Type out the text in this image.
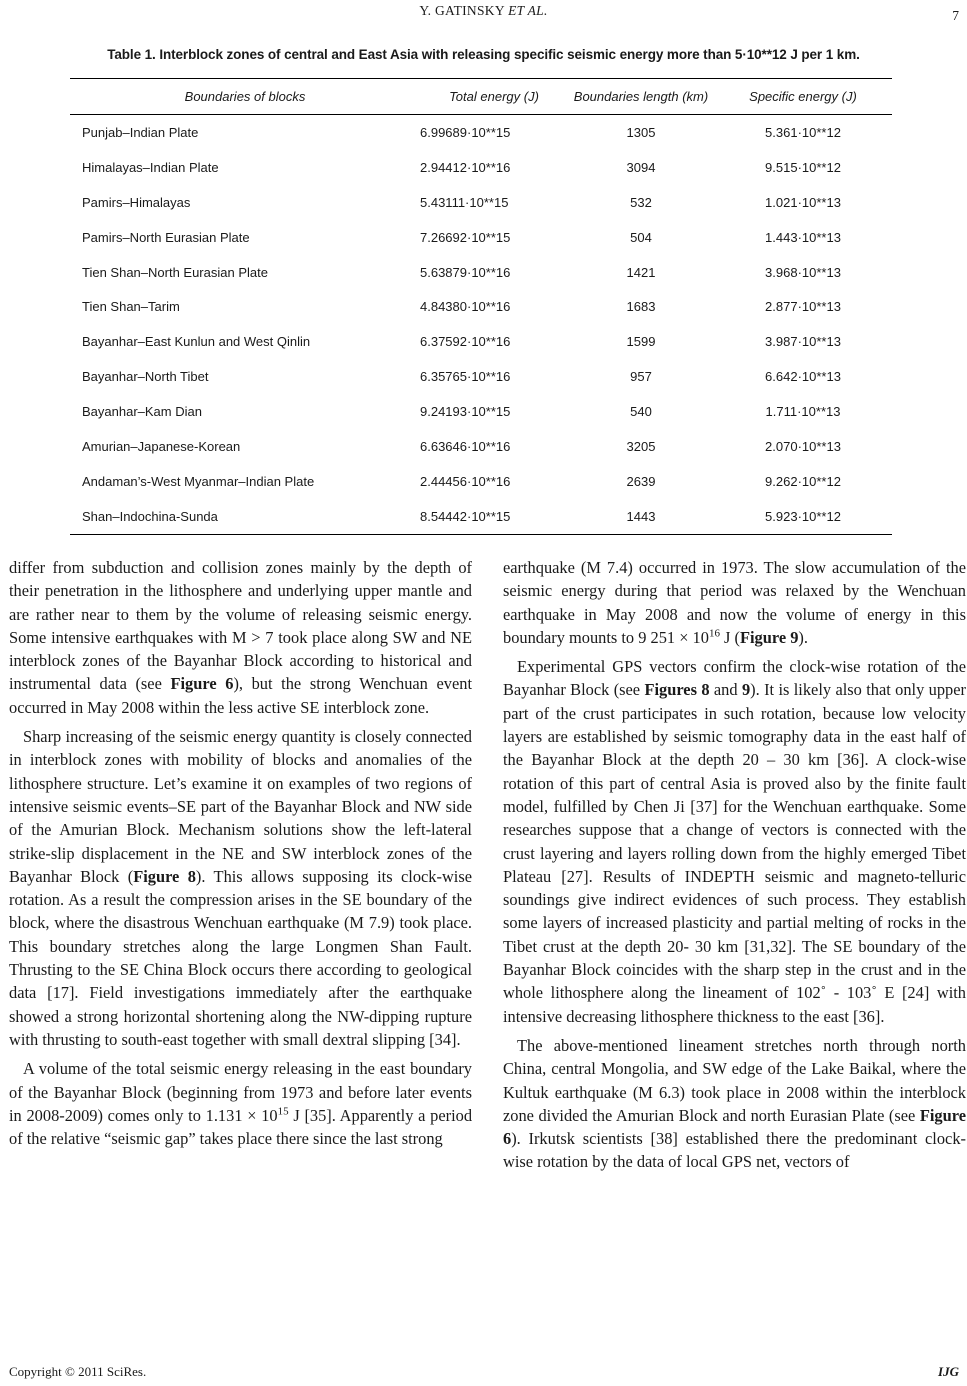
Y. GATINSKY ET AL.	7
Table 1. Interblock zones of central and East Asia with releasing specific seismic energy more than 5·10**12 J per 1 km.
Boundaries of blocks	Total energy (J)	Boundaries length (km)	Specific energy (J)
Punjab–Indian Plate	6.99689·10**15	1305	5.361·10**12
Himalayas–Indian Plate	2.94412·10**16	3094	9.515·10**12
Pamirs–Himalayas	5.43111·10**15	532	1.021·10**13
Pamirs–North Eurasian Plate	7.26692·10**15	504	1.443·10**13
Tien Shan–North Eurasian Plate	5.63879·10**16	1421	3.968·10**13
Tien Shan–Tarim	4.84380·10**16	1683	2.877·10**13
Bayanhar–East Kunlun and West Qinlin	6.37592·10**16	1599	3.987·10**13
Bayanhar–North Tibet	6.35765·10**16	957	6.642·10**13
Bayanhar–Kam Dian	9.24193·10**15	540	1.711·10**13
Amurian–Japanese-Korean	6.63646·10**16	3205	2.070·10**13
Andaman’s-West Myanmar–Indian Plate	2.44456·10**16	2639	9.262·10**12
Shan–Indochina-Sunda	8.54442·10**15	1443	5.923·10**12

differ from subduction and collision zones mainly by the depth of their penetration in the lithosphere and underlying upper mantle and are rather near to them by the volume of releasing seismic energy. Some intensive earthquakes with M > 7 took place along SW and NE interblock zones of the Bayanhar Block according to historical and instrumental data (see Figure 6), but the strong Wenchuan event occurred in May 2008 within the less active SE interblock zone.

Sharp increasing of the seismic energy quantity is closely connected in interblock zones with mobility of blocks and anomalies of the lithosphere structure. Let’s examine it on examples of two regions of intensive seismic events–SE part of the Bayanhar Block and NW side of the Amurian Block. Mechanism solutions show the left-lateral strike-slip displacement in the NE and SW interblock zones of the Bayanhar Block (Figure 8). This allows supposing its clock-wise rotation. As a result the compression arises in the SE boundary of the block, where the disastrous Wenchuan earthquake (M 7.9) took place. This boundary stretches along the large Longmen Shan Fault. Thrusting to the SE China Block occurs there according to geological data [17]. Field investigations immediately after the earthquake showed a strong horizontal shortening along the NW-dipping rupture with thrusting to south-east together with small dextral slipping [34].

A volume of the total seismic energy releasing in the east boundary of the Bayanhar Block (beginning from 1973 and before later events in 2008-2009) comes only to $1.131 \times 10^{15}$ J [35]. Apparently a period of the relative “seismic gap” takes place there since the last strong

earthquake (M 7.4) occurred in 1973. The slow accumulation of the seismic energy during that period was relaxed by the Wenchuan earthquake in May 2008 and now the volume of energy in this boundary mounts to 9 $251 \times 10^{16}$ J (Figure 9).

Experimental GPS vectors confirm the clock-wise rotation of the Bayanhar Block (see Figures 8 and 9). It is likely also that only upper part of the crust participates in such rotation, because low velocity layers are established by seismic tomography data in the east half of the Bayanhar Block at the depth 20 – 30 km [36]. A clock-wise rotation of this part of central Asia is proved also by the finite fault model, fulfilled by Chen Ji [37] for the Wenchuan earthquake. Some researches suppose that a change of vectors is connected with the crust layering and layers rolling down from the highly emerged Tibet Plateau [27]. Results of INDEPTH seismic and magneto-telluric soundings give indirect evidences of such process. They establish some layers of increased plasticity and partial melting of rocks in the Tibet crust at the depth 20- 30 km [31,32]. The SE boundary of the Bayanhar Block coincides with the sharp step in the crust and in the whole lithosphere along the lineament of 102˚ - 103˚ E [24] with intensive decreasing lithosphere thickness to the east [36].

The above-mentioned lineament stretches north through north China, central Mongolia, and SW edge of the Lake Baikal, where the Kultuk earthquake (M 6.3) took place in 2008 within the interblock zone divided the Amurian Block and north Eurasian Plate (see Figure 6). Irkutsk scientists [38] established there the predominant clock-wise rotation by the data of local GPS net, vectors of

Copyright © 2011 SciRes.	IJG
